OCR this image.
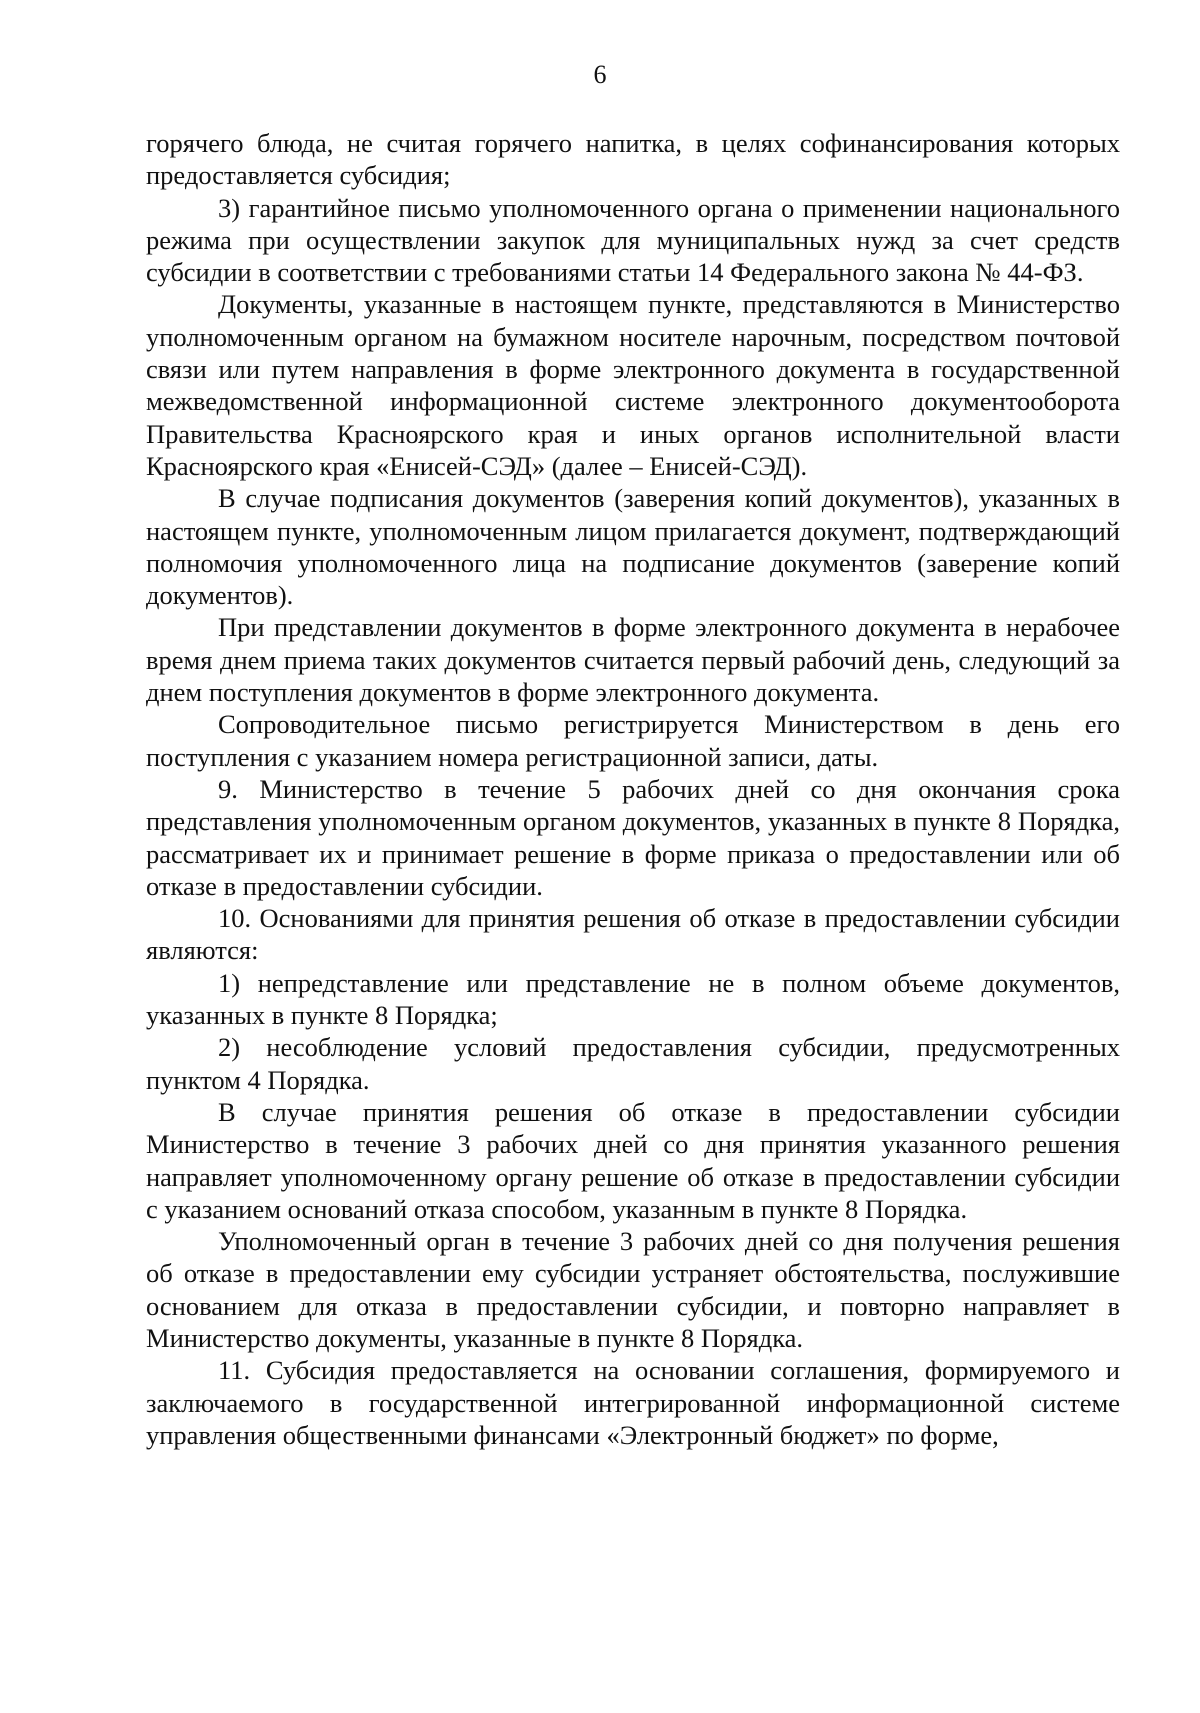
6

горячего блюда, не считая горячего напитка, в целях софинансирования которых предоставляется субсидия;

3) гарантийное письмо уполномоченного органа о применении национального режима при осуществлении закупок для муниципальных нужд за счет средств субсидии в соответствии с требованиями статьи 14 Федерального закона № 44-ФЗ.

Документы, указанные в настоящем пункте, представляются в Министерство уполномоченным органом на бумажном носителе нарочным, посредством почтовой связи или путем направления в форме электронного документа в государственной межведомственной информационной системе электронного документооборота Правительства Красноярского края и иных органов исполнительной власти Красноярского края «Енисей-СЭД» (далее – Енисей-СЭД).

В случае подписания документов (заверения копий документов), указанных в настоящем пункте, уполномоченным лицом прилагается документ, подтверждающий полномочия уполномоченного лица на подписание документов (заверение копий документов).

При представлении документов в форме электронного документа в нерабочее время днем приема таких документов считается первый рабочий день, следующий за днем поступления документов в форме электронного документа.

Сопроводительное письмо регистрируется Министерством в день его поступления с указанием номера регистрационной записи, даты.

9. Министерство в течение 5 рабочих дней со дня окончания срока представления уполномоченным органом документов, указанных в пункте 8 Порядка, рассматривает их и принимает решение в форме приказа о предоставлении или об отказе в предоставлении субсидии.

10. Основаниями для принятия решения об отказе в предоставлении субсидии являются:

1) непредставление или представление не в полном объеме документов, указанных в пункте 8 Порядка;

2) несоблюдение условий предоставления субсидии, предусмотренных пунктом 4 Порядка.

В случае принятия решения об отказе в предоставлении субсидии Министерство в течение 3 рабочих дней со дня принятия указанного решения направляет уполномоченному органу решение об отказе в предоставлении субсидии с указанием оснований отказа способом, указанным в пункте 8 Порядка.

Уполномоченный орган в течение 3 рабочих дней со дня получения решения об отказе в предоставлении ему субсидии устраняет обстоятельства, послужившие основанием для отказа в предоставлении субсидии, и повторно направляет в Министерство документы, указанные в пункте 8 Порядка.

11. Субсидия предоставляется на основании соглашения, формируемого и заключаемого в государственной интегрированной информационной системе управления общественными финансами «Электронный бюджет» по форме,
